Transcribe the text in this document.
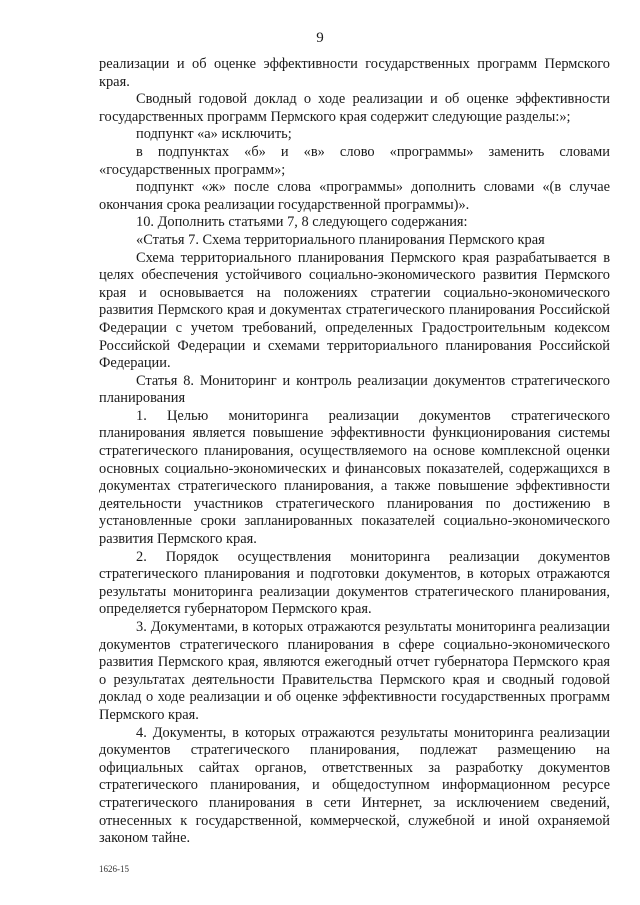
9

реализации и об оценке эффективности государственных программ Пермского края.

Сводный годовой доклад о ходе реализации и об оценке эффективности государственных программ Пермского края содержит следующие разделы:»;

подпункт «а» исключить;

в подпунктах «б» и «в» слово «программы» заменить словами «государственных программ»;

подпункт «ж» после слова «программы» дополнить словами «(в случае окончания срока реализации государственной программы)».

10. Дополнить статьями 7, 8 следующего содержания:

«Статья 7. Схема территориального планирования Пермского края

Схема территориального планирования Пермского края разрабатывается в целях обеспечения устойчивого социально-экономического развития Пермского края и основывается на положениях стратегии социально-экономического развития Пермского края и документах стратегического планирования Российской Федерации с учетом требований, определенных Градостроительным кодексом Российской Федерации и схемами территориального планирования Российской Федерации.

Статья 8. Мониторинг и контроль реализации документов стратегического планирования

1. Целью мониторинга реализации документов стратегического планирования является повышение эффективности функционирования системы стратегического планирования, осуществляемого на основе комплексной оценки основных социально-экономических и финансовых показателей, содержащихся в документах стратегического планирования, а также повышение эффективности деятельности участников стратегического планирования по достижению в установленные сроки запланированных показателей социально-экономического развития Пермского края.

2. Порядок осуществления мониторинга реализации документов стратегического планирования и подготовки документов, в которых отражаются результаты мониторинга реализации документов стратегического планирования, определяется губернатором Пермского края.

3. Документами, в которых отражаются результаты мониторинга реализации документов стратегического планирования в сфере социально-экономического развития Пермского края, являются ежегодный отчет губернатора Пермского края о результатах деятельности Правительства Пермского края и сводный годовой доклад о ходе реализации и об оценке эффективности государственных программ Пермского края.

4. Документы, в которых отражаются результаты мониторинга реализации документов стратегического планирования, подлежат размещению на официальных сайтах органов, ответственных за разработку документов стратегического планирования, и общедоступном информационном ресурсе стратегического планирования в сети Интернет, за исключением сведений, отнесенных к государственной, коммерческой, служебной и иной охраняемой законом тайне.

1626-15
